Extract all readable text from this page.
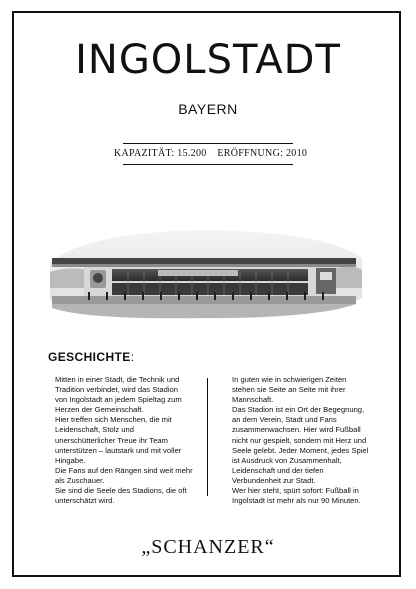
INGOLSTADT
BAYERN
KAPAZITÄT: 15.200 ERÖFFNUNG: 2010
GESCHICHTE:

Mitten in einer Stadt, die Technik und

Tradition verbindet, wird das Stadion

von Ingolstadt an jedem Spieltag zum

Herzen der Gemeinschaft.

Hier treffen sich Menschen, die mit

Leidenschaft, Stolz und

unerschütterlicher Treue ihr Team

unterstützen – lautstark und mit voller

Hingabe.

Die Fans auf den Rängen sind weit mehr

als Zuschauer.

Sie sind die Seele des Stadions, die oft

unterschätzt wird.

In guten wie in schwierigen Zeiten

stehen sie Seite an Seite mit ihrer

Mannschaft.

Das Stadion ist ein Ort der Begegnung,

an dem Verein, Stadt und Fans

zusammenwachsen. Hier wird Fußball

nicht nur gespielt, sondern mit Herz und

Seele gelebt. Jeder Moment, jedes Spiel

ist Ausdruck von Zusammenhalt,

Leidenschaft und der tiefen

Verbundenheit zur Stadt.

Wer hier steht, spürt sofort: Fußball in

Ingolstadt ist mehr als nur 90 Minuten.

„SCHANZER“
